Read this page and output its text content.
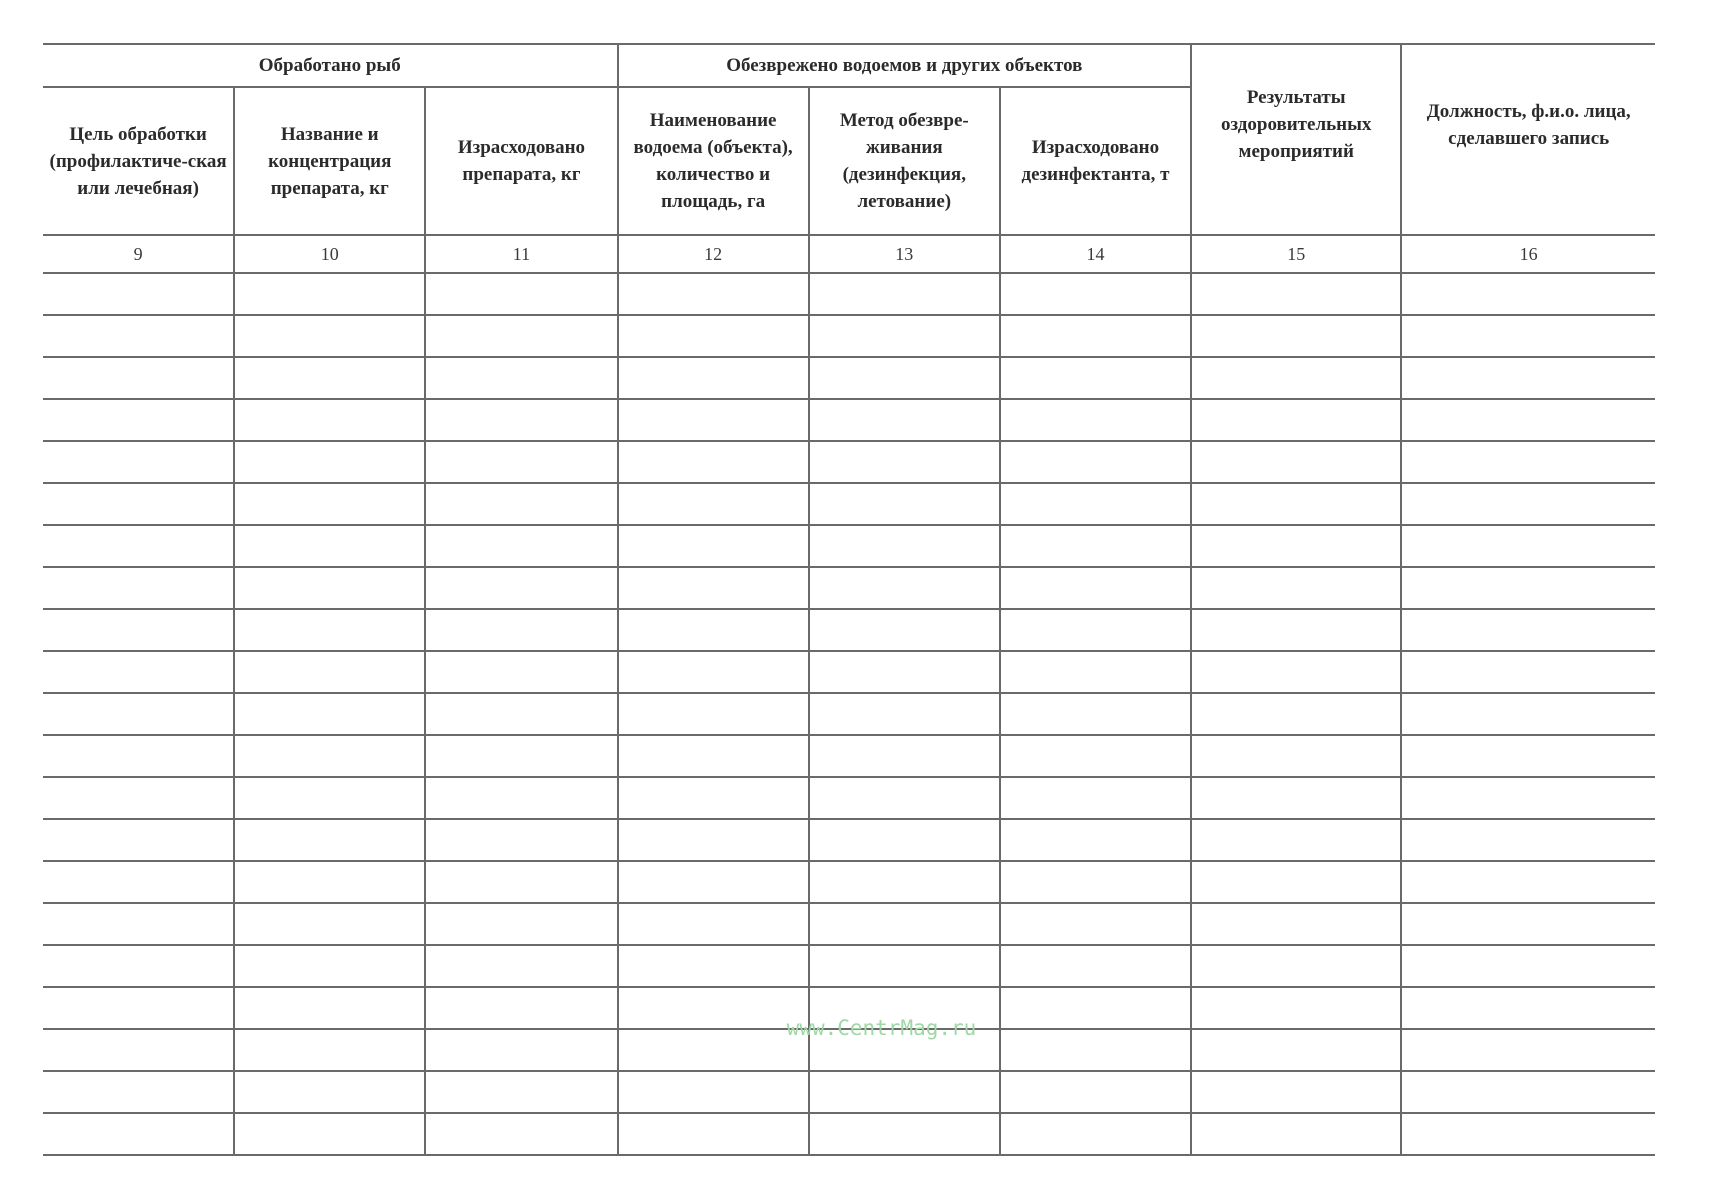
Обработано рыб			Обезврежено водоемов и других объектов			Результаты оздоровительных мероприятий	Должность, ф.и.о. лица, сделавшего запись

Цель обработки (профилактиче-ская или лечебная)	Название и концентрация препарата, кг	Израсходовано препарата, кг	Наименование водоема (объекта), количество и площадь, га	Метод обезвре-живания (дезинфекция, летование)	Израсходовано дезинфектанта, т		
9	10	11	12	13	14	15	16

www.CentrMag.ru
